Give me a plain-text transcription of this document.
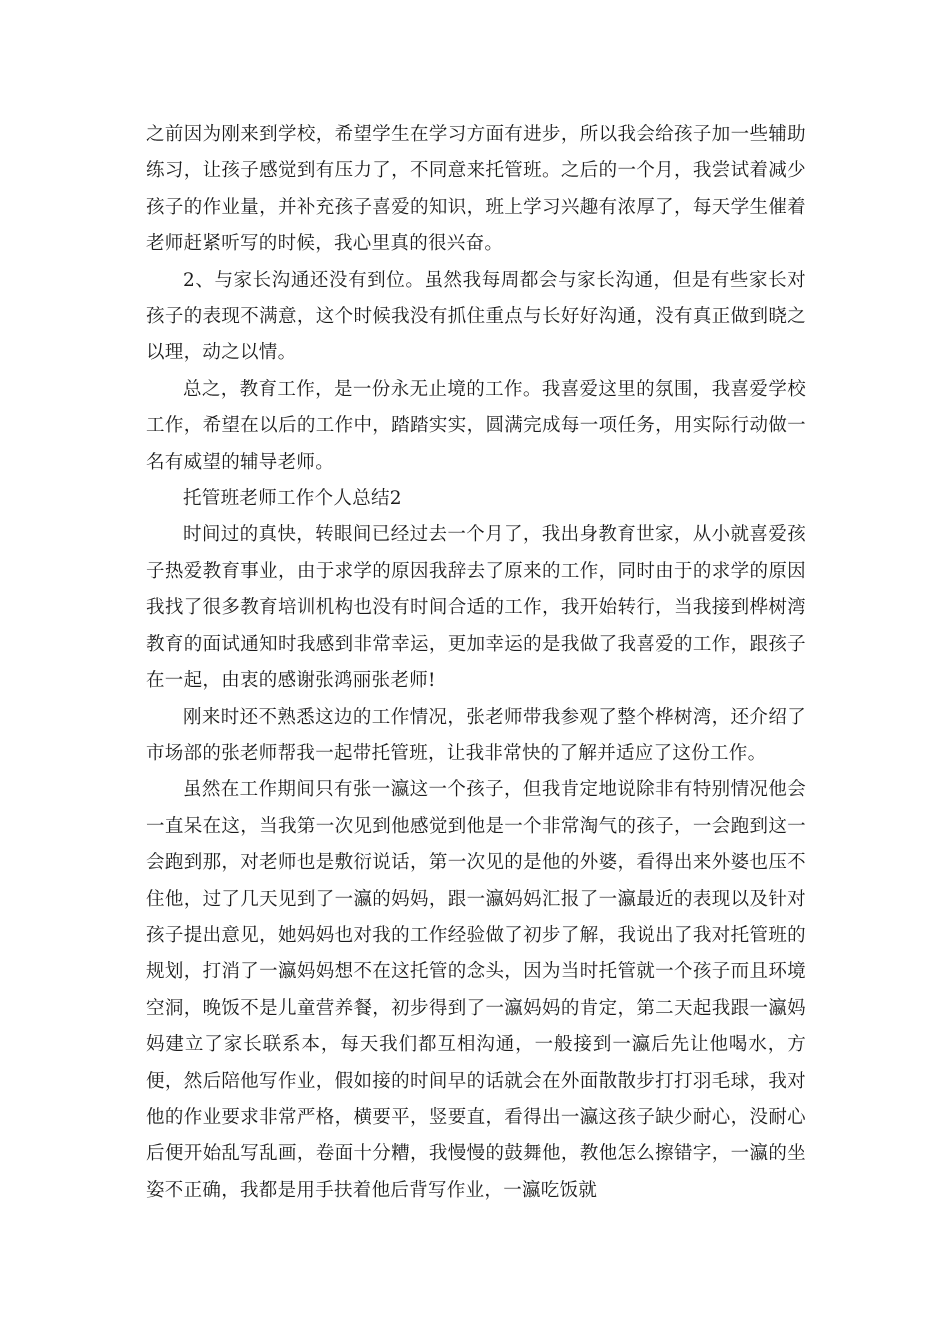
之前因为刚来到学校，希望学生在学习方面有进步，所以我会给孩子加一些辅助练习，让孩子感觉到有压力了，不同意来托管班。之后的一个月，我尝试着减少孩子的作业量，并补充孩子喜爱的知识，班上学习兴趣有浓厚了，每天学生催着老师赶紧听写的时候，我心里真的很兴奋。

2、与家长沟通还没有到位。虽然我每周都会与家长沟通，但是有些家长对孩子的表现不满意，这个时候我没有抓住重点与长好好沟通，没有真正做到晓之以理，动之以情。

总之，教育工作，是一份永无止境的工作。我喜爱这里的氛围，我喜爱学校工作，希望在以后的工作中，踏踏实实，圆满完成每一项任务，用实际行动做一名有威望的辅导老师。

托管班老师工作个人总结2

时间过的真快，转眼间已经过去一个月了，我出身教育世家，从小就喜爱孩子热爱教育事业，由于求学的原因我辞去了原来的工作，同时由于的求学的原因我找了很多教育培训机构也没有时间合适的工作，我开始转行，当我接到桦树湾教育的面试通知时我感到非常幸运，更加幸运的是我做了我喜爱的工作，跟孩子在一起，由衷的感谢张鸿丽张老师!

刚来时还不熟悉这边的工作情况，张老师带我参观了整个桦树湾，还介绍了市场部的张老师帮我一起带托管班，让我非常快的了解并适应了这份工作。

虽然在工作期间只有张一瀛这一个孩子，但我肯定地说除非有特别情况他会一直呆在这，当我第一次见到他感觉到他是一个非常淘气的孩子，一会跑到这一会跑到那，对老师也是敷衍说话，第一次见的是他的外婆，看得出来外婆也压不住他，过了几天见到了一瀛的妈妈，跟一瀛妈妈汇报了一瀛最近的表现以及针对孩子提出意见，她妈妈也对我的工作经验做了初步了解，我说出了我对托管班的规划，打消了一瀛妈妈想不在这托管的念头，因为当时托管就一个孩子而且环境空洞，晚饭不是儿童营养餐，初步得到了一瀛妈妈的肯定，第二天起我跟一瀛妈妈建立了家长联系本，每天我们都互相沟通，一般接到一瀛后先让他喝水，方便，然后陪他写作业，假如接的时间早的话就会在外面散散步打打羽毛球，我对他的作业要求非常严格，横要平，竖要直，看得出一瀛这孩子缺少耐心，没耐心后便开始乱写乱画，卷面十分糟，我慢慢的鼓舞他，教他怎么擦错字，一瀛的坐姿不正确，我都是用手扶着他后背写作业，一瀛吃饭就
